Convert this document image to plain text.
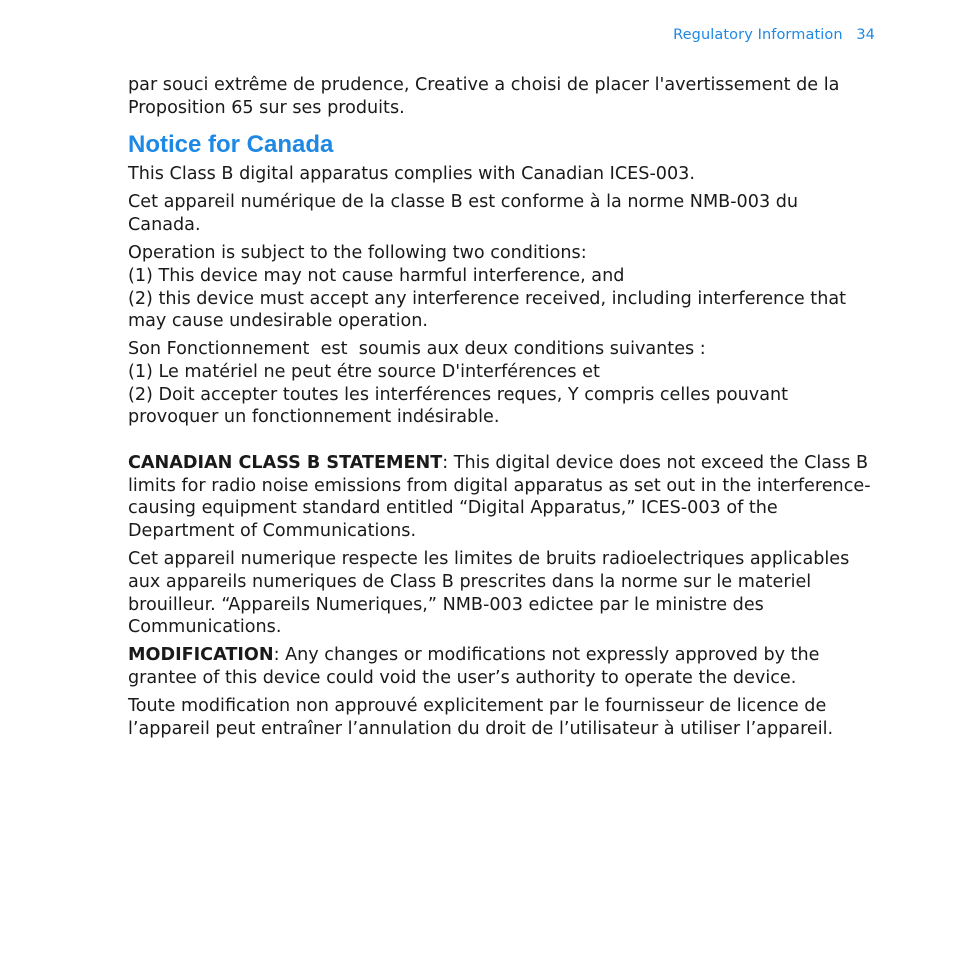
Regulatory Information 34

par souci extrême de prudence, Creative a choisi de placer l'avertissement de la Proposition 65 sur ses produits.

Notice for Canada

This Class B digital apparatus complies with Canadian ICES-003.

Cet appareil numérique de la classe B est conforme à la norme NMB-003 du Canada.

Operation is subject to the following two conditions:
(1) This device may not cause harmful interference, and
(2) this device must accept any interference received, including interference that may cause undesirable operation.

Son Fonctionnement  est  soumis aux deux conditions suivantes :
(1) Le matériel ne peut étre source D'interférences et
(2) Doit accepter toutes les interférences reques, Y compris celles pouvant provoquer un fonctionnement indésirable.

CANADIAN CLASS B STATEMENT: This digital device does not exceed the Class B limits for radio noise emissions from digital apparatus as set out in the interference-causing equipment standard entitled “Digital Apparatus,” ICES-003 of the Department of Communications.

Cet appareil numerique respecte les limites de bruits radioelectriques applicables aux appareils numeriques de Class B prescrites dans la norme sur le materiel brouilleur. “Appareils Numeriques,” NMB-003 edictee par le ministre des Communications.

MODIFICATION: Any changes or modifications not expressly approved by the grantee of this device could void the user’s authority to operate the device.

Toute modification non approuvé explicitement par le fournisseur de licence de l’appareil peut entraîner l’annulation du droit de l’utilisateur à utiliser l’appareil.
